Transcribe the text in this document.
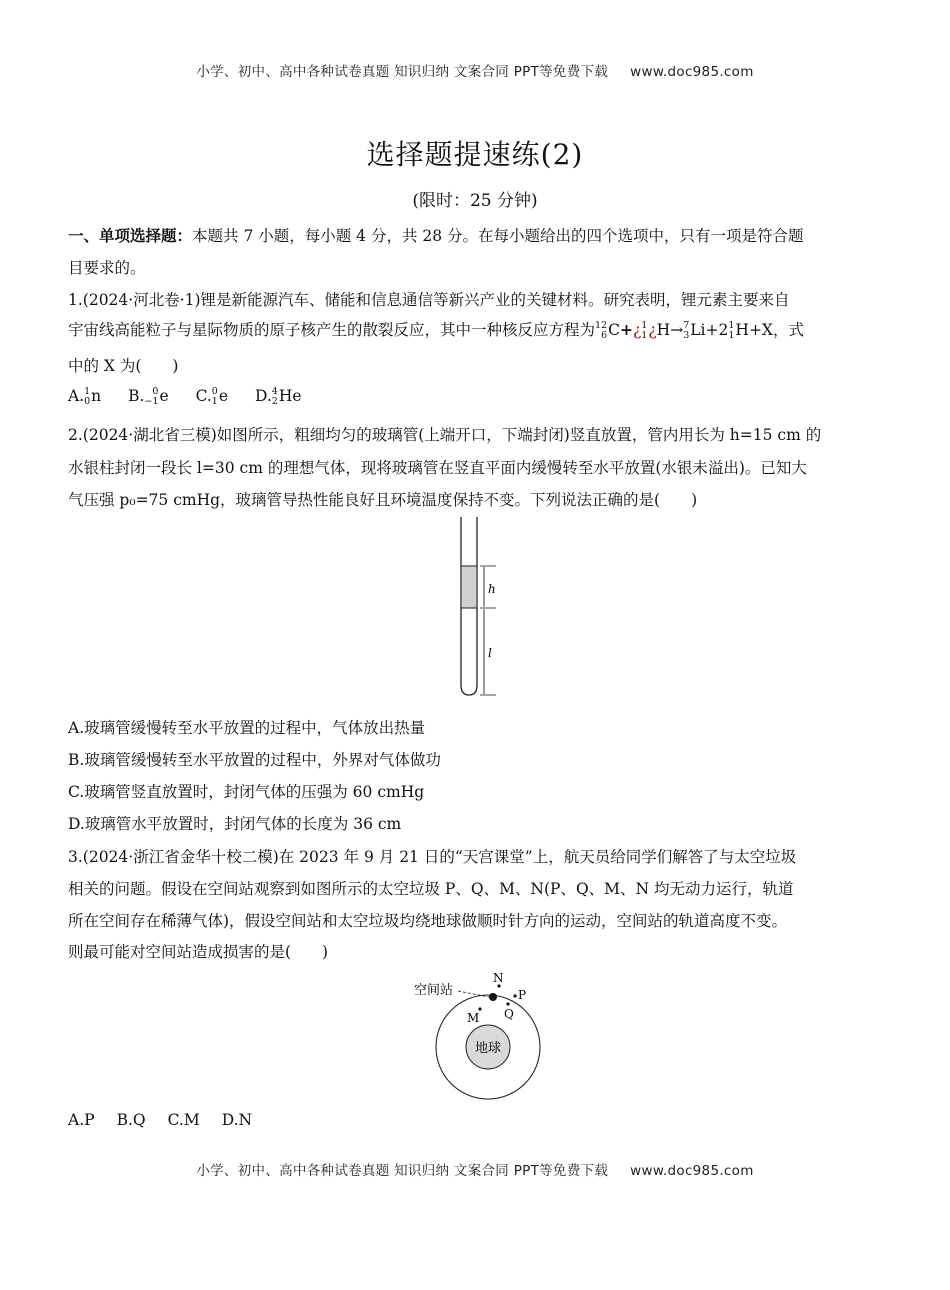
小学、初中、高中各种试卷真题 知识归纳 文案合同 PPT等免费下载 www.doc985.com
选择题提速练(2)
(限时：25 分钟)
一、单项选择题：本题共 7 小题，每小题 4 分，共 28 分。在每小题给出的四个选项中，只有一项是符合题
目要求的。
1.(2024·河北卷·1)锂是新能源汽车、储能和信息通信等新兴产业的关键材料。研究表明，锂元素主要来自
宇宙线高能粒子与星际物质的原子核产生的散裂反应，其中一种核反应方程为 12
6 C+¿ 1
1 ¿H→ 7
3 Li+2 1
1 H+X，式
中的 X 为(　　)
A. 1
0 n B. 0
−1 e C. 0
1 e D. 4
2 He
2.(2024·湖北省三模)如图所示，粗细均匀的玻璃管(上端开口，下端封闭)竖直放置，管内用长为 h=15 cm 的
水银柱封闭一段长 l=30 cm 的理想气体，现将玻璃管在竖直平面内缓慢转至水平放置(水银未溢出)。已知大
气压强 p₀=75 cmHg，玻璃管导热性能良好且环境温度保持不变。下列说法正确的是(　　)
h
l
A.玻璃管缓慢转至水平放置的过程中，气体放出热量
B.玻璃管缓慢转至水平放置的过程中，外界对气体做功
C.玻璃管竖直放置时，封闭气体的压强为 60 cmHg
D.玻璃管水平放置时，封闭气体的长度为 36 cm
3.(2024·浙江省金华十校二模)在 2023 年 9 月 21 日的“天宫课堂”上，航天员给同学们解答了与太空垃圾
相关的问题。假设在空间站观察到如图所示的太空垃圾 P、Q、M、N(P、Q、M、N 均无动力运行，轨道
所在空间存在稀薄气体)，假设空间站和太空垃圾均绕地球做顺时针方向的运动，空间站的轨道高度不变。
则最可能对空间站造成损害的是(　　)
地球
空间站
N
P
Q
M
A.P B.Q C.M D.N
小学、初中、高中各种试卷真题 知识归纳 文案合同 PPT等免费下载 www.doc985.com
